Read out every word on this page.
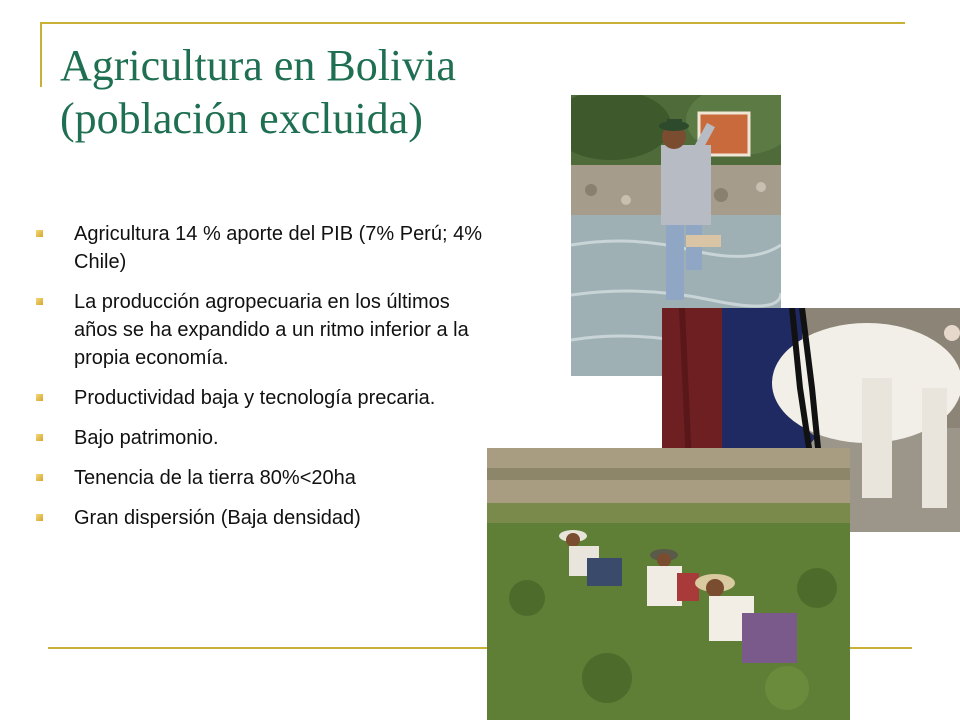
Agricultura en Bolivia
(población excluida)
Agricultura 14 % aporte del PIB (7% Perú; 4% Chile)
La producción agropecuaria en los últimos años se ha expandido a un ritmo inferior a la propia economía.
Productividad baja y tecnología precaria.
Bajo patrimonio.
Tenencia de la tierra 80%<20ha
Gran dispersión (Baja densidad)
